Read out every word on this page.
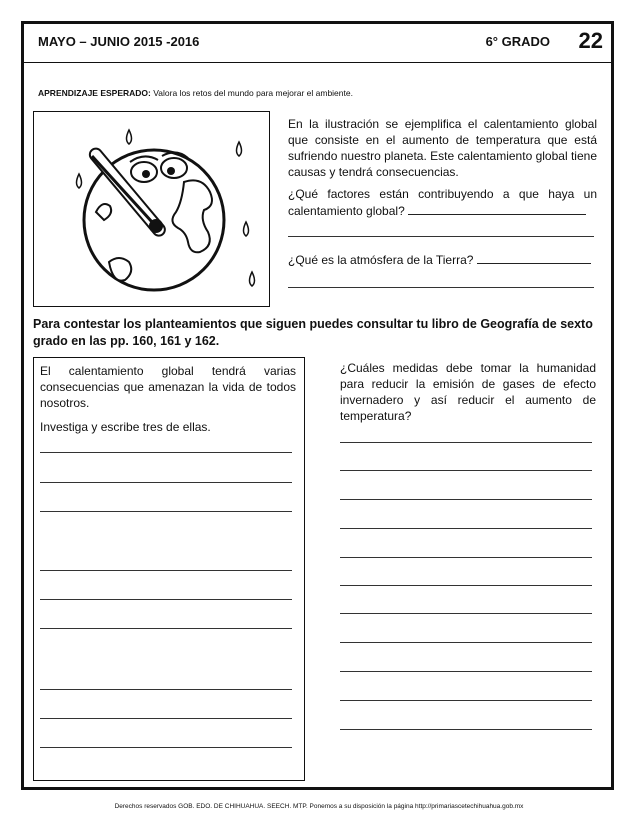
MAYO – JUNIO 2015 -2016	6° GRADO 22
APRENDIZAJE ESPERADO: Valora los retos del mundo para mejorar el ambiente.

En la ilustración se ejemplifica el calentamiento global que consiste en el aumento de temperatura que está sufriendo nuestro planeta. Este calentamiento global tiene causas y tendrá consecuencias.

¿Qué factores están contribuyendo a que haya un calentamiento global?
¿Qué es la atmósfera de la Tierra?
Para contestar los planteamientos que siguen puedes consultar tu libro de Geografía de sexto grado en las pp. 160, 161 y 162.

El calentamiento global tendrá varias consecuencias que amenazan la vida de todos nosotros.

Investiga y escribe tres de ellas.

¿Cuáles medidas debe tomar la humanidad para reducir la emisión de gases de efecto invernadero y así reducir el aumento de temperatura?
Derechos reservados GOB. EDO. DE CHIHUAHUA. SEECH. MTP. Ponemos a su disposición la página http://primariascetechihuahua.gob.mx
